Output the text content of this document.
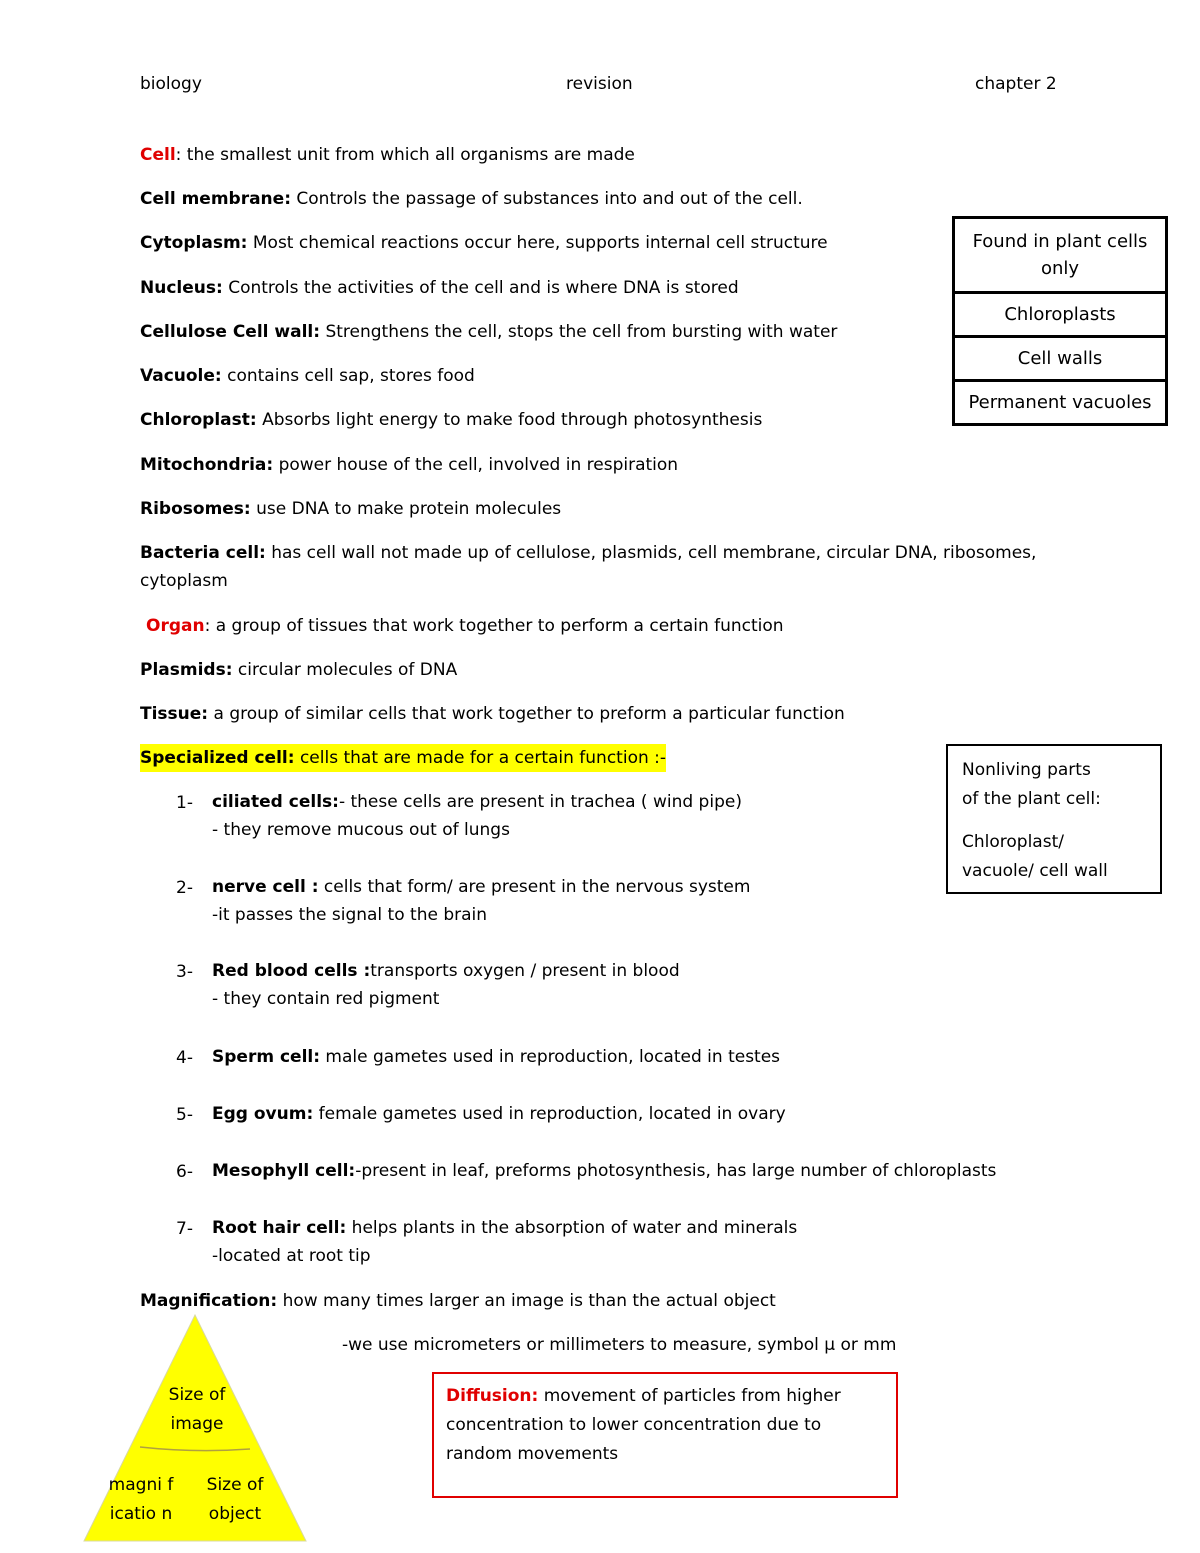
biology	revision	chapter 2
Cell: the smallest unit from which all organisms are made
Cell membrane: Controls the passage of substances into and out of the cell.
Cytoplasm: Most chemical reactions occur here, supports internal cell structure
Nucleus: Controls the activities of the cell and is where DNA is stored
Cellulose Cell wall: Strengthens the cell, stops the cell from bursting with water
Vacuole: contains cell sap, stores food
Chloroplast: Absorbs light energy to make food through photosynthesis
Mitochondria: power house of the cell, involved in respiration
Ribosomes: use DNA to make protein molecules
Bacteria cell: has cell wall not made up of cellulose, plasmids, cell membrane, circular DNA, ribosomes,
cytoplasm
Organ: a group of tissues that work together to perform a certain function
Plasmids: circular molecules of DNA
Tissue: a group of similar cells that work together to preform a particular function
Specialized cell: cells that are made for a certain function :-
1- ciliated cells:- these cells are present in trachea ( wind pipe)
- they remove mucous out of lungs
2- nerve cell : cells that form/ are present in the nervous system
-it passes the signal to the brain
3- Red blood cells :transports oxygen / present in blood
- they contain red pigment
4- Sperm cell: male gametes used in reproduction, located in testes
5- Egg ovum: female gametes used in reproduction, located in ovary
6- Mesophyll cell:-present in leaf, preforms photosynthesis, has large number of chloroplasts
7- Root hair cell: helps plants in the absorption of water and minerals
-located at root tip
Magnification: how many times larger an image is than the actual object
-we use micrometers or millimeters to measure, symbol µ or mm
Found in plant cells only
Chloroplasts
Cell walls
Permanent vacuoles
Nonliving parts of the plant cell:
Chloroplast/ vacuole/ cell wall
Diffusion: movement of particles from higher concentration to lower concentration due to random movements
Size of image
magni ficatio n
Size of object
